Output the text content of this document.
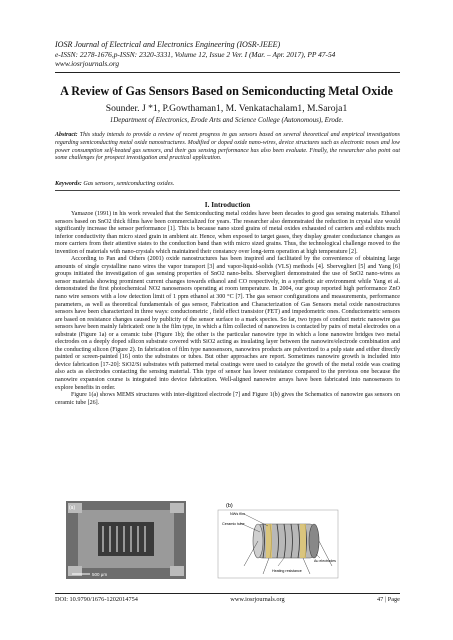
IOSR Journal of Electrical and Electronics Engineering (IOSR-JEEE)
e-ISSN: 2278-1676,p-ISSN: 2320-3331, Volume 12, Issue 2 Ver. I (Mar. – Apr. 2017), PP 47-54
www.iosrjournals.org
A Review of Gas Sensors Based on Semiconducting Metal Oxide
Sounder. J *1, P.Gowthaman1, M. Venkatachalam1, M.Saroja1
1Department of Electronics, Erode Arts and Science College (Autonomous), Erode.
Abstract: This study intends to provide a review of recent progress in gas sensors based on several theoretical and empirical investigations regarding semiconducting metal oxide nanostructures. Modified or doped oxide nano-wires, device structures such as electronic noses and low power consumption self-heated gas sensors, and their gas sensing performance has also been evaluate. Finally, the researcher also point out some challenges for prospect investigation and practical application.
Keywords: Gas sensors, semiconducting oxides.
I. Introduction

Yamazoe (1991) in his work revealed that the Semiconducting metal oxides have been decades to good gas sensing materials. Ethanol sensors based on SnO2 thick films have been commercialized for years. The researcher also demonstrated the reduction in crystal size would significantly increase the sensor performance [1]. This is because nano sized grains of metal oxides exhausted of carriers and exhibits much inferior conductivity than micro sized grain in ambient air. Hence, when exposed to target gases, they display greater conductance changes as more carriers from their attentive states to the conduction band than with micro sized grains. Thus, the technological challenge moved to the invention of materials with nano-crystals which maintained their constancy over long-term operation at high temperature [2].

According to Pan and Others (2001) oxide nanostructures has been inspired and facilitated by the convenience of obtaining large amounts of single crystalline nano wires the vapor transport [3] and vapor-liquid-solids (VLS) methods [4]. Sberveglieri [5] and Yang [6] groups initiated the investigation of gas sensing properties of SnO2 nano-belts. Sberveglieri demonstrated the use of SnO2 nano-wires as sensor materials showing prominent current changes towards ethanol and CO respectively, in a synthetic air environment while Yang et al. demonstrated the first photochemical NO2 nanosensors operating at room temperature. In 2004, our group reported high performance ZnO nano wire sensors with a low detection limit of 1 ppm ethanol at 300 °C [7]. The gas sensor configurations and measurements, performance parameters, as well as theoretical fundamentals of gas sensor, Fabrication and Characterization of Gas Sensors metal oxide nanostructures sensors have been characterized in three ways: conductometric , field effect transistor (FET) and impedometric ones. Conductometric sensors are based on resistance changes caused by publicity of the sensor surface to a mark species. So far, two types of conduct metric nanowire gas sensors have been mainly fabricated: one is the film type, in which a film collected of nanowires is contacted by pairs of metal electrodes on a substrate (Figure 1a) or a ceramic tube (Figure 1b); the other is the particular nanowire type in which a lone nanowire bridges two metal electrodes on a deeply doped silicon substrate covered with SiO2 acting as insulating layer between the nanowire/electrode combination and the conducting silicon (Figure 2). In fabrication of film type nanosensors, nanowires products are pulverized to a pulp state and either directly painted or screen-painted [16] onto the substrates or tubes. But other approaches are report. Sometimes nanowire growth is included into device fabrication [17-20]: SiO2/Si substrates with patterned metal coatings were used to catalyze the growth of the metal oxide was coating also acts as electrodes contacting the sensing material. This type of sensor has lower resistance compared to the previous one because the nanowire expansion course is integrated into device fabrication. Well-aligned nanowire arrays have been fabricated into nanosensors to explore benefits in order.

Figure 1(a) shows MEMS structures with inter-digitized electrode [7] and Figure 1(b) gives the Schematics of nanowire gas sensors on ceramic tube [26].

500 μm
(a)	(b)
NWs film
Ceramic tube
Au electrodes
Heating resistance
DOI: 10.9790/1676-1202014754	www.iosrjournals.org	47 | Page
